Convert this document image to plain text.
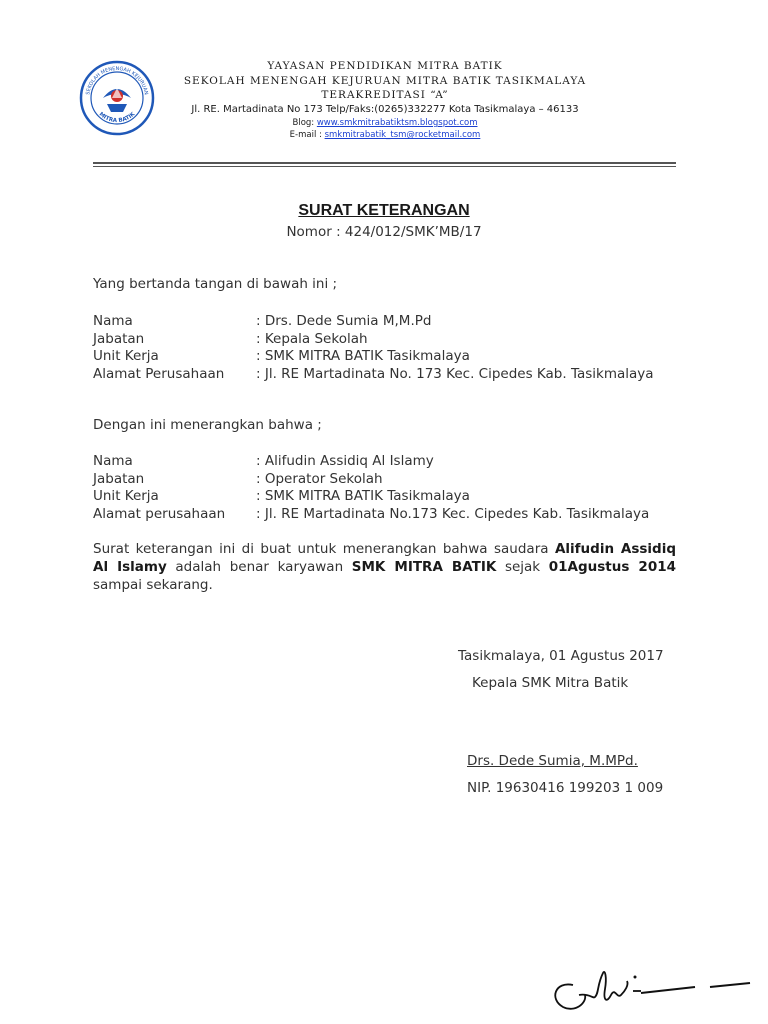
SEKOLAH MENENGAH KEJURUAN
MITRA BATIK
YAYASAN PENDIDIKAN MITRA BATIK
SEKOLAH MENENGAH KEJURUAN MITRA BATIK TASIKMALAYA
TERAKREDITASI “A”
Jl. RE. Martadinata No 173 Telp/Faks:(0265)332277 Kota Tasikmalaya – 46133
Blog: www.smkmitrabatiktsm.blogspot.com
E-mail : smkmitrabatik_tsm@rocketmail.com
SURAT KETERANGAN
Nomor : 424/012/SMK’MB/17
Yang bertanda tangan di bawah ini ;
Nama	: Drs. Dede Sumia M,M.Pd
Jabatan	: Kepala Sekolah
Unit Kerja	: SMK MITRA BATIK Tasikmalaya
Alamat Perusahaan : Jl. RE Martadinata No. 173 Kec. Cipedes Kab. Tasikmalaya
Dengan ini menerangkan bahwa ;
Nama	: Alifudin Assidiq Al Islamy
Jabatan	: Operator Sekolah
Unit Kerja	: SMK MITRA BATIK Tasikmalaya
Alamat perusahaan : Jl. RE Martadinata No.173 Kec. Cipedes Kab. Tasikmalaya
Surat keterangan ini di buat untuk menerangkan bahwa saudara Alifudin Assidiq
Al Islamy adalah benar karyawan SMK MITRA BATIK sejak 01Agustus 2014
sampai sekarang.
Tasikmalaya, 01 Agustus 2017
Kepala SMK Mitra Batik
Drs. Dede Sumia, M.MPd.
NIP. 19630416 199203 1 009
